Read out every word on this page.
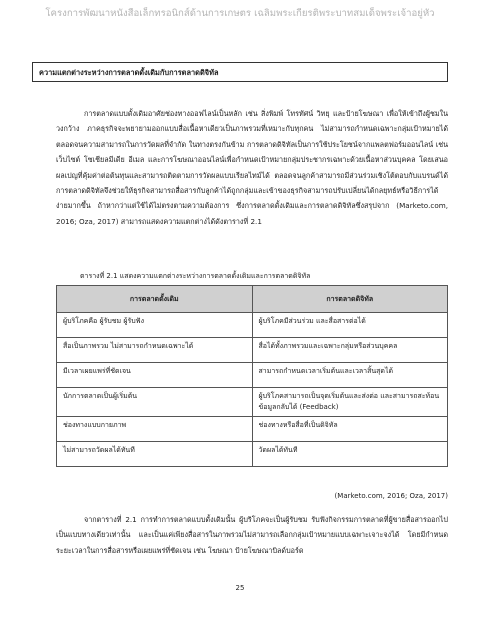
โครงการพัฒนาหนังสือเล็กทรอนิกส์ด้านการเกษตร เฉลิมพระเกียรติพระบาทสมเด็จพระเจ้าอยู่หัว
ความแตกต่างระหว่างการตลาดดั้งเดิมกับการตลาดดิจิทัล
การตลาดแบบดั้งเดิมอาศัยช่องทางออฟไลน์เป็นหลัก เช่น สิ่งพิมพ์ โทรทัศน์ วิทยุ และป้ายโฆษณา เพื่อให้เข้าถึงผู้ชมในวงกว้าง ภาคธุรกิจจะพยายามออกแบบสื่อเนื้อหาเดียวเป็นภาพรวมที่เหมาะกับทุกคน ไม่สามารถกำหนดเฉพาะกลุ่มเป้าหมายได้ ตลอดจนความสามารถในการวัดผลที่จำกัด ในทางตรงกันข้าม การตลาดดิจิทัลเป็นการใช้ประโยชน์จากแพลตฟอร์มออนไลน์ เช่น เว็บไซต์ โซเชียลมีเดีย อีเมล และการโฆษณาออนไลน์เพื่อกำหนดเป้าหมายกลุ่มประชากรเฉพาะด้วยเนื้อหาส่วนบุคคล โดยเสนอผลเปญที่คุ้มค่าต่อต้นทุนและสามารถติดตามการวัดผลแบบเรียลไทม์ได้ ตลอดจนลูกค้าสามารถมีส่วนร่วมเชิงโต้ตอบกับแบรนด์ได้ การตลาดดิจิทัลจึงช่วยให้ธุรกิจสามารถสื่อสารกับลูกค้าได้ถูกกลุ่มและเข้าของธุรกิจสามารถปรับเปลี่ยนได้กลยุทธ์หรือวิธีการได้ง่ายมากขึ้น ถ้าหากว่าแต่ใช้ได้ไม่ตรงตามความต้องการ ซึ่งการตลาดดั้งเดิมและการตลาดดิจิทัลซึ่งสรุปจาก (Marketo.com, 2016; Oza, 2017) สามารถแสดงความแตกต่างได้ดังตารางที่ 2.1
ตารางที่ 2.1 แสดงความแตกต่างระหว่างการตลาดดั้งเดิมและการตลาดดิจิทัล
การตลาดดั้งเดิม	การตลาดดิจิทัล
ผู้บริโภคคือ ผู้รับชม ผู้รับฟัง	ผู้บริโภคมีส่วนร่วม และสื่อสารต่อได้
สื่อเป็นภาพรวม ไม่สามารถกำหนดเฉพาะได้	สื่อได้ทั้งภาพรวมและเฉพาะกลุ่มหรือส่วนบุคคล
มีเวลาเผยแพร่ที่ชัดเจน	สามารถกำหนดเวลาเริ่มต้นและเวลาสิ้นสุดได้
นักการตลาดเป็นผู้เริ่มต้น	ผู้บริโภคสามารถเป็นจุดเริ่มต้นและส่งต่อ และสามารถสะท้อนข้อมูลกลับได้ (Feedback)
ช่องทางแบบกายภาพ	ช่องทางหรือสื่อที่เป็นดิจิทัล
ไม่สามารถวัดผลได้ทันที	วัดผลได้ทันที
(Marketo.com, 2016; Oza, 2017)
จากตารางที่ 2.1 การทำการตลาดแบบดั้งเดิมนั้น ผู้บริโภคจะเป็นผู้รับชม รับฟังกิจกรรมการตลาดที่ผู้ขายสื่อสารออกไปเป็นแบบทางเดียวเท่านั้น และเป็นแค่เพียงสื่อสารในภาพรวมไม่สามารถเลือกกลุ่มเป้าหมายแบบเฉพาะเจาะจงได้ โดยมีกำหนดระยะเวลาในการสื่อสารหรือเผยแพร่ที่ชัดเจน เช่น โฆษณา ป้ายโฆษณาบิลด์บอร์ด
25
